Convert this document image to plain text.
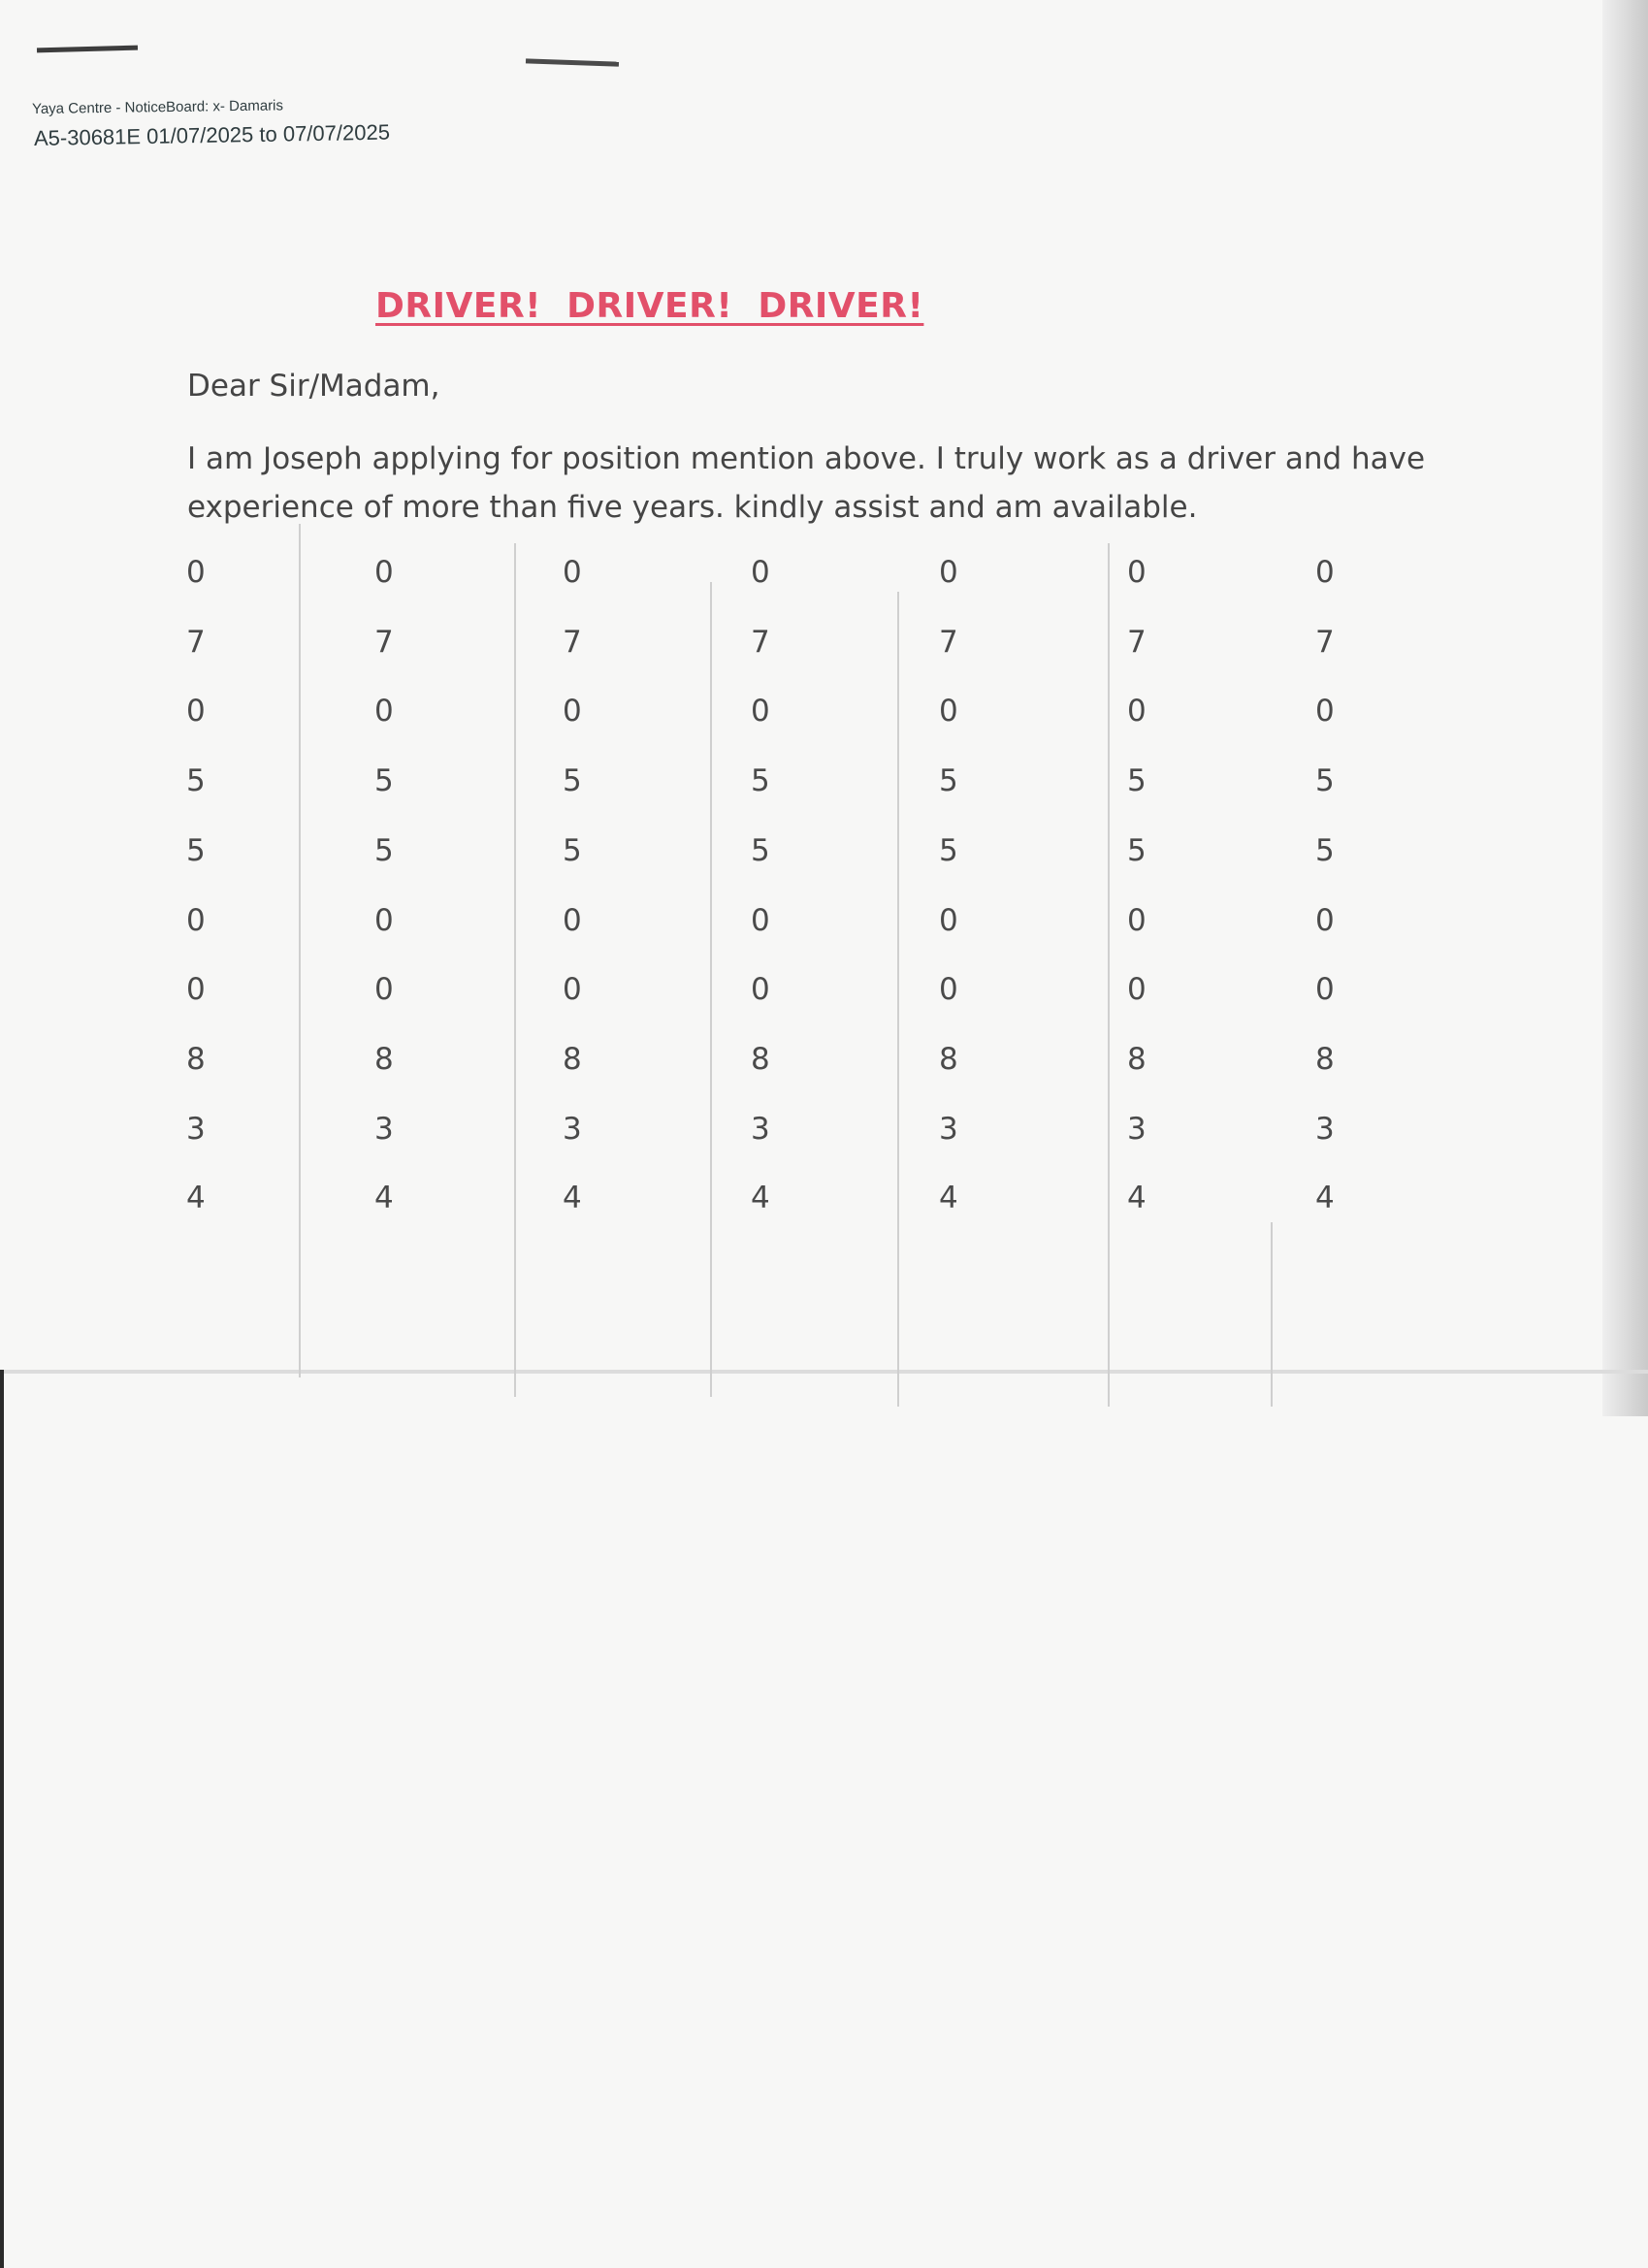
Yaya Centre - NoticeBoard: x- Damaris
A5-30681E 01/07/2025 to 07/07/2025
DRIVER!  DRIVER!  DRIVER!
Dear Sir/Madam,
I am Joseph applying for position mention above. I truly work as a driver and have experience of more than five years. kindly assist and am available.
0
7
0
5
5
0
0
8
3
4
0
7
0
5
5
0
0
8
3
4
0
7
0
5
5
0
0
8
3
4
0
7
0
5
5
0
0
8
3
4
0
7
0
5
5
0
0
8
3
4
0
7
0
5
5
0
0
8
3
4
0
7
0
5
5
0
0
8
3
4
